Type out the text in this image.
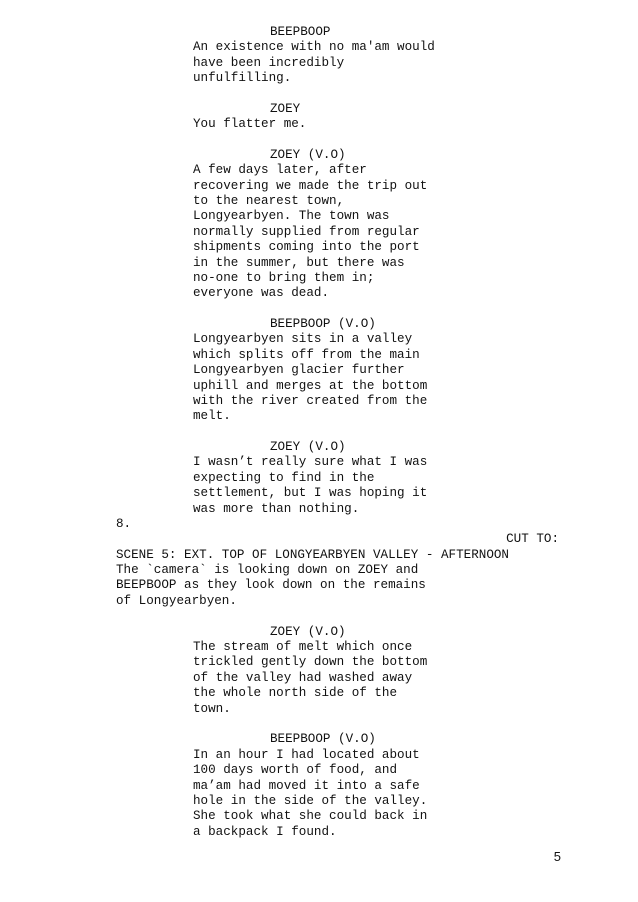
BEEPBOOP
An existence with no ma'am would
have been incredibly
unfulfilling.
ZOEY
You flatter me.
ZOEY (V.O)
A few days later, after
recovering we made the trip out
to the nearest town,
Longyearbyen. The town was
normally supplied from regular
shipments coming into the port
in the summer, but there was
no-one to bring them in;
everyone was dead.
BEEPBOOP (V.O)
Longyearbyen sits in a valley
which splits off from the main
Longyearbyen glacier further
uphill and merges at the bottom
with the river created from the
melt.
ZOEY (V.O)
I wasn’t really sure what I was
expecting to find in the
settlement, but I was hoping it
was more than nothing.
8.
CUT TO:
SCENE 5: EXT. TOP OF LONGYEARBYEN VALLEY - AFTERNOON
The `camera` is looking down on ZOEY and
BEEPBOOP as they look down on the remains
of Longyearbyen.
ZOEY (V.O)
The stream of melt which once
trickled gently down the bottom
of the valley had washed away
the whole north side of the
town.
BEEPBOOP (V.O)
In an hour I had located about
100 days worth of food, and
ma’am had moved it into a safe
hole in the side of the valley.
She took what she could back in
a backpack I found.
5
